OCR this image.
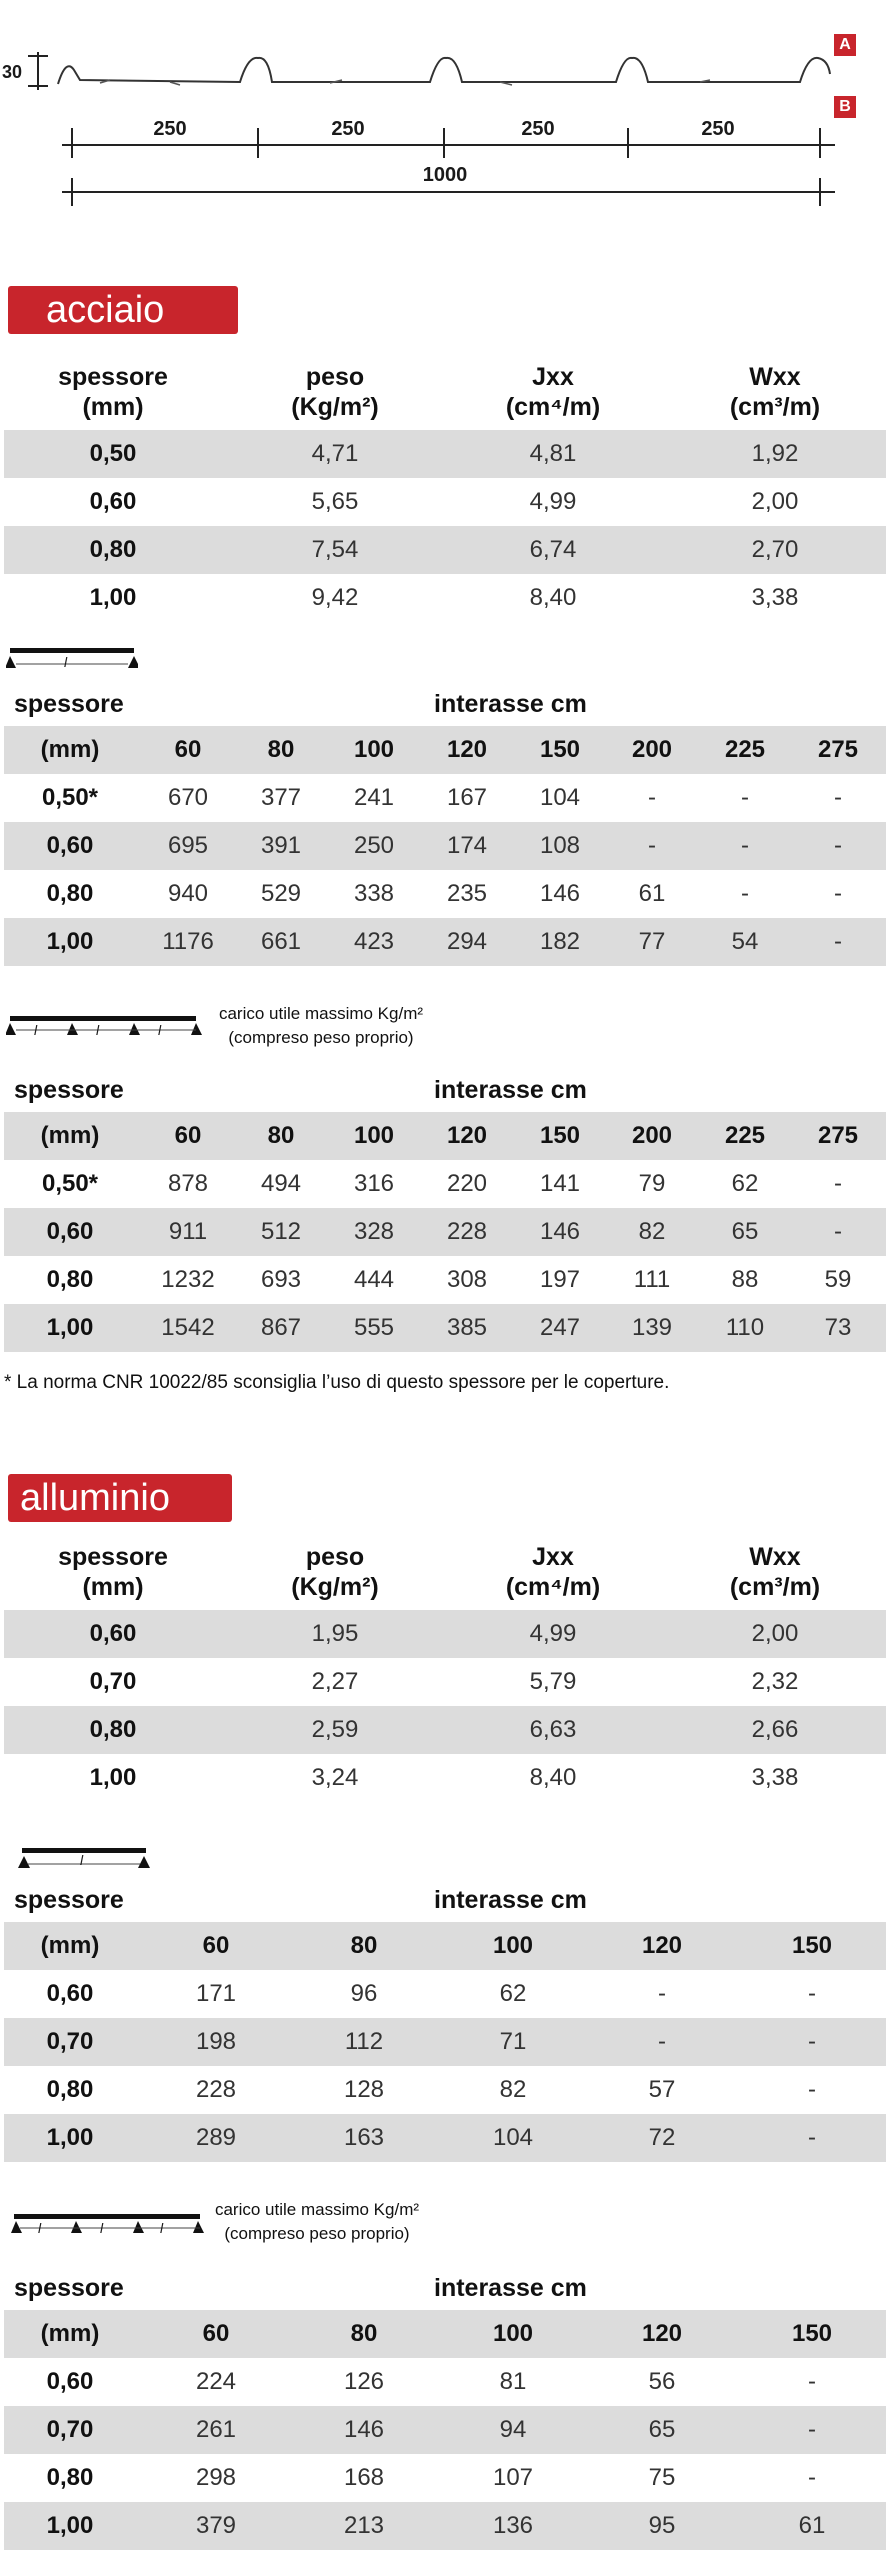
30
A
B
250	250	250	250
1000
acciaio
l
l	l	l
carico utile massimo Kg/m²
(compreso peso proprio)
* La norma CNR 10022/85 sconsiglia l’uso di questo spessore per le coperture.
alluminio
l
l	l	l
carico utile massimo Kg/m²
(compreso peso proprio)
spessore
(mm)
peso
(Kg/m²)
Jxx
(cm⁴/m)
Wxx
(cm³/m)
0,50	4,71	4,81	1,92
0,60	5,65	4,99	2,00
0,80	7,54	6,74	2,70
1,00	9,42	8,40	3,38
spessore	interasse cm
(mm)	60	80	100	120	150	200	225	275
0,50*	670	377	241	167	104	-	-	-
0,60	695	391	250	174	108	-	-	-
0,80	940	529	338	235	146	61	-	-
1,00	1176	661	423	294	182	77	54	-
spessore	interasse cm
(mm)	60	80	100	120	150	200	225	275
0,50*	878	494	316	220	141	79	62	-
0,60	911	512	328	228	146	82	65	-
0,80	1232	693	444	308	197	111	88	59
1,00	1542	867	555	385	247	139	110	73
spessore
(mm)
peso
(Kg/m²)
Jxx
(cm⁴/m)
Wxx
(cm³/m)
0,60	1,95	4,99	2,00
0,70	2,27	5,79	2,32
0,80	2,59	6,63	2,66
1,00	3,24	8,40	3,38
spessore	interasse cm
(mm)	60	80	100	120	150
0,60	171	96	62	-	-
0,70	198	112	71	-	-
0,80	228	128	82	57	-
1,00	289	163	104	72	-
spessore	interasse cm
(mm)	60	80	100	120	150
0,60	224	126	81	56	-
0,70	261	146	94	65	-
0,80	298	168	107	75	-
1,00	379	213	136	95	61
